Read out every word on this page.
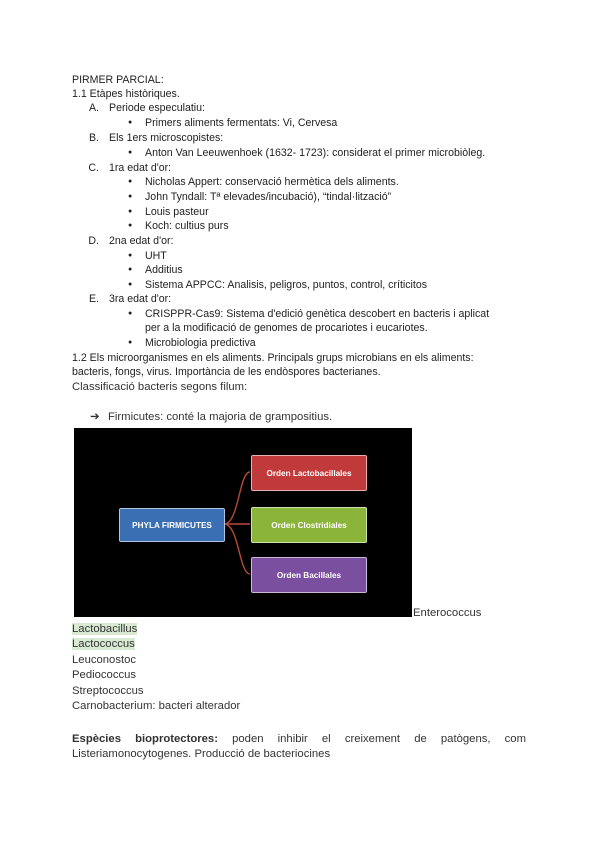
PIRMER PARCIAL:
1.1 Etàpes històriques.
A. Periode especulatiu:
● Primers aliments fermentats: Vi, Cervesa
B. Els 1ers microscopistes:
● Anton Van Leeuwenhoek (1632- 1723): considerat el primer microbiòleg.
C. 1ra edat d'or:
● Nicholas Appert: conservació hermètica dels aliments.
● John Tyndall: Tª elevades/incubació), “tindal·lització”
● Louis pasteur
● Koch: cultius purs
D. 2na edat d'or:
● UHT
● Additius
● Sistema APPCC: Analisis, peligros, puntos, control, críticitos
E. 3ra edat d'or:
● CRISPPR-Cas9: Sistema d'edició genètica descobert en bacteris i aplicat
per a la modificació de genomes de procariotes i eucariotes.
● Microbiologia predictiva
1.2 Els microorganismes en els aliments. Principals grups microbians en els aliments:
bacteris, fongs, virus. Importància de les endòspores bacterianes.
Classificació bacteris segons filum:
➔ Firmicutes: conté la majoria de grampositius.
PHYLA FIRMICUTES
Orden Lactobacillales
Orden Clostridiales
Orden Bacillales
Enterococcus
Lactobacillus
Lactococcus
Leuconostoc
Pediococcus
Streptococcus
Carnobacterium: bacteri alterador
Espècies bioprotectores: poden inhibir el creixement de patògens, com
Listeriamonocytogenes. Producció de bacteriocines
